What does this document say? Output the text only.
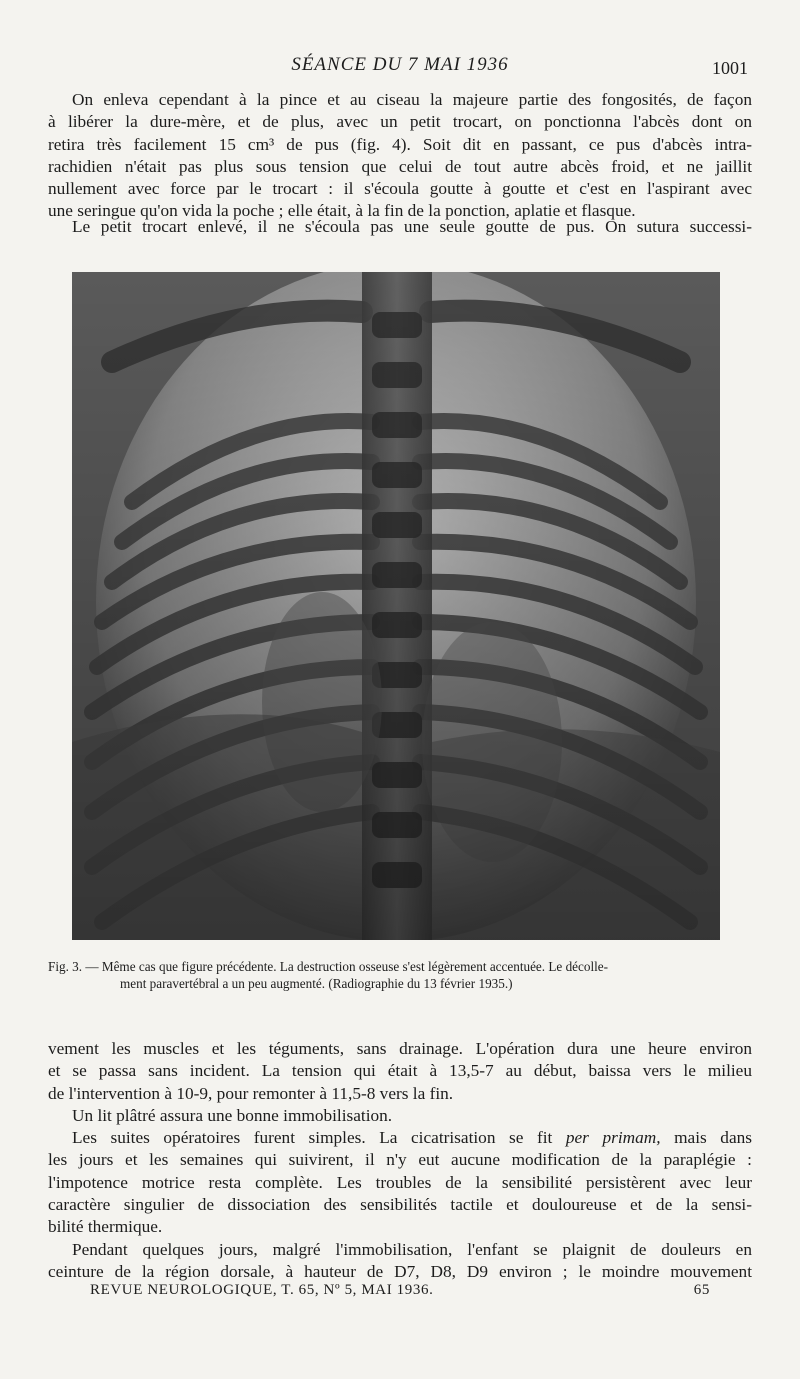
SÉANCE DU 7 MAI 1936	1001
On enleva cependant à la pince et au ciseau la majeure partie des fongosités, de façon
à libérer la dure-mère, et de plus, avec un petit trocart, on ponctionna l'abcès dont on
retira très facilement 15 cm³ de pus (fig. 4). Soit dit en passant, ce pus d'abcès intra-
rachidien n'était pas plus sous tension que celui de tout autre abcès froid, et ne jaillit
nullement avec force par le trocart : il s'écoula goutte à goutte et c'est en l'aspirant avec
une seringue qu'on vida la poche ; elle était, à la fin de la ponction, aplatie et flasque.
Le petit trocart enlevé, il ne s'écoula pas une seule goutte de pus. On sutura successi-
Fig. 3. — Même cas que figure précédente. La destruction osseuse s'est légèrement accentuée. Le décolle-
ment paravertébral a un peu augmenté. (Radiographie du 13 février 1935.)
vement les muscles et les téguments, sans drainage. L'opération dura une heure environ
et se passa sans incident. La tension qui était à 13,5-7 au début, baissa vers le milieu
de l'intervention à 10-9, pour remonter à 11,5-8 vers la fin.
Un lit plâtré assura une bonne immobilisation.
Les suites opératoires furent simples. La cicatrisation se fit per primam, mais dans
les jours et les semaines qui suivirent, il n'y eut aucune modification de la paraplégie :
l'impotence motrice resta complète. Les troubles de la sensibilité persistèrent avec leur
caractère singulier de dissociation des sensibilités tactile et douloureuse et de la sensi-
bilité thermique.
Pendant quelques jours, malgré l'immobilisation, l'enfant se plaignit de douleurs en
ceinture de la région dorsale, à hauteur de D7, D8, D9 environ ; le moindre mouvement
REVUE NEUROLOGIQUE, T. 65, Nº 5, MAI 1936.	65
